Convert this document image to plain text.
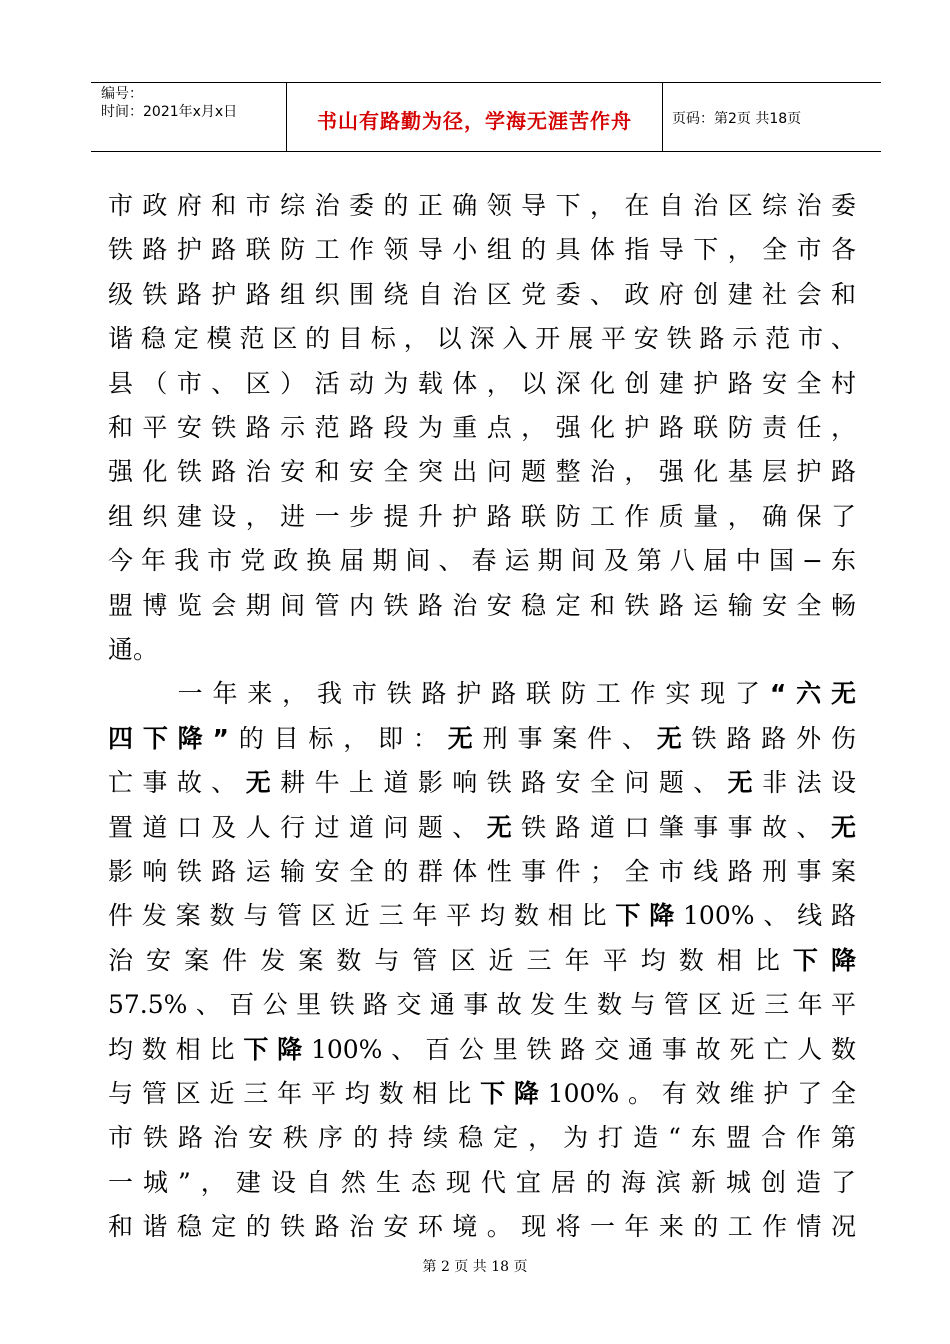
编号：
时间：2021年x月x日	书山有路勤为径，学海无涯苦作舟	页码：第2页 共18页
市政府和市综治委的正确领导下，在自治区综治委
铁路护路联防工作领导小组的具体指导下，全市各
级铁路护路组织围绕自治区党委、政府创建社会和
谐稳定模范区的目标，以深入开展平安铁路示范市、
县（市、区）活动为载体，以深化创建护路安全村
和平安铁路示范路段为重点，强化护路联防责任，
强化铁路治安和安全突出问题整治，强化基层护路
组织建设，进一步提升护路联防工作质量，确保了
今年我市党政换届期间、春运期间及第八届中国−东
盟博览会期间管内铁路治安稳定和铁路运输安全畅
通。
　　一年来，我市铁路护路联防工作实现了“六无
四下降”的目标，即：无刑事案件、无铁路路外伤
亡事故、无耕牛上道影响铁路安全问题、无非法设
置道口及人行过道问题、无铁路道口肇事事故、无
影响铁路运输安全的群体性事件；全市线路刑事案
件发案数与管区近三年平均数相比下降100%、线路
治安案件发案数与管区近三年平均数相比下降
57.5%、百公里铁路交通事故发生数与管区近三年平
均数相比下降100%、百公里铁路交通事故死亡人数
与管区近三年平均数相比下降100%。有效维护了全
市铁路治安秩序的持续稳定，为打造“东盟合作第
一城”，建设自然生态现代宜居的海滨新城创造了
和谐稳定的铁路治安环境。现将一年来的工作情况
第 2 页 共 18 页
